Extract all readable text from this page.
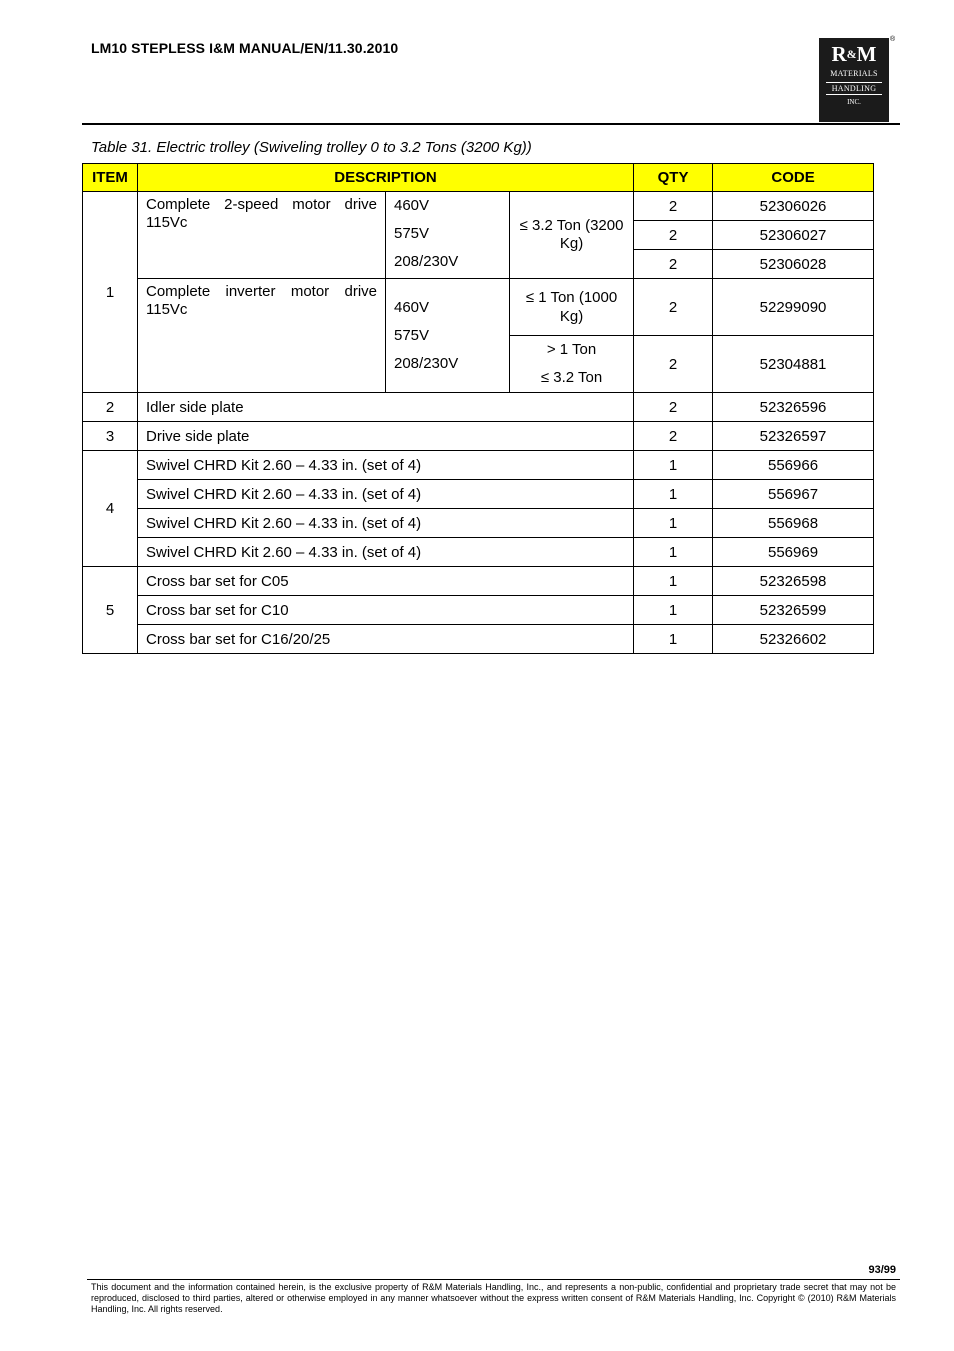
LM10 STEPLESS I&M MANUAL/EN/11.30.2010	R&M
MATERIALS
HANDLING
INC.
®
Table 31. Electric trolley (Swiveling trolley 0 to 3.2 Tons (3200 Kg))
ITEM	DESCRIPTION			QTY	CODE
1	Complete 2-speed motor drive 115Vc	460V
575V
208/230V	≤ 3.2 Ton (3200 Kg)	2	52306026
				2	52306027
				2	52306028
	Complete inverter motor drive 115Vc	460V
575V
208/230V	≤ 1 Ton (1000 Kg)	2	52299090

			> 1 Ton
≤ 3.2 Ton	2	52304881
2	Idler side plate			2	52326596
3	Drive side plate			2	52326597
4	Swivel CHRD Kit 2.60 – 4.33 in. (set of 4)			1	556966
	Swivel CHRD Kit 2.60 – 4.33 in. (set of 4)			1	556967
	Swivel CHRD Kit 2.60 – 4.33 in. (set of 4)			1	556968
	Swivel CHRD Kit 2.60 – 4.33 in. (set of 4)			1	556969
5	Cross bar set for C05			1	52326598
	Cross bar set for C10			1	52326599
	Cross bar set for C16/20/25			1	52326602
93/99
This document and the information contained herein, is the exclusive property of R&M Materials Handling, Inc., and represents a non-public, confidential and proprietary trade secret that may not be reproduced, disclosed to third parties, altered or otherwise employed in any manner whatsoever without the express written consent of R&M Materials Handling, Inc. Copyright © (2010) R&M Materials Handling, Inc. All rights reserved.
